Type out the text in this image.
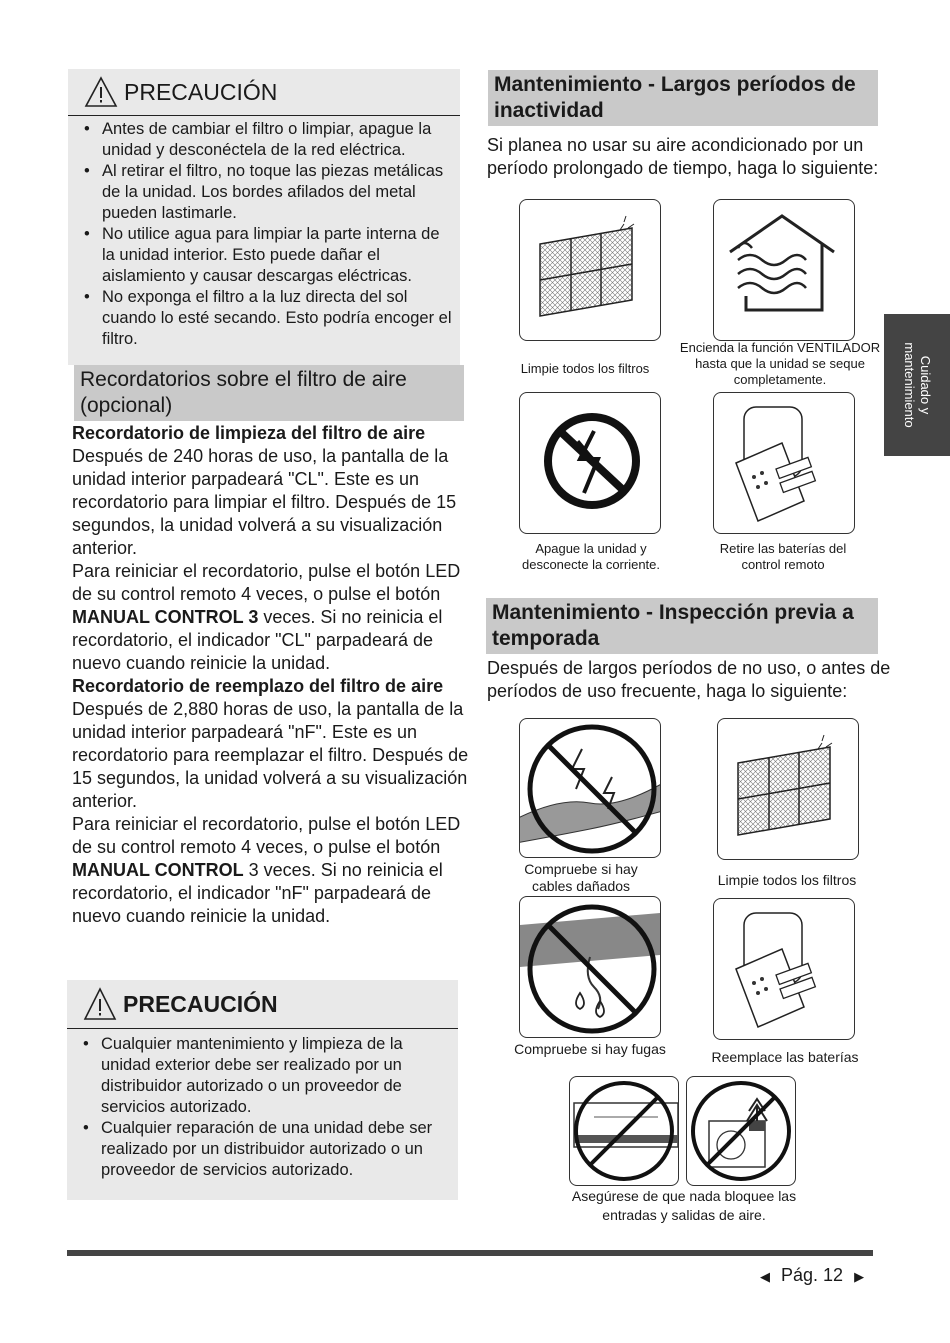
PRECAUCIÓN
• Antes de cambiar el filtro o limpiar, apague la unidad y desconéctela de la red eléctrica.
• Al retirar el filtro, no toque las piezas metálicas de la unidad. Los bordes afilados del metal pueden lastimarle.
• No utilice agua para limpiar la parte interna de la unidad interior. Esto puede dañar el aislamiento y causar descargas eléctricas.
• No exponga el filtro a la luz directa del sol cuando lo esté secando. Esto podría encoger el filtro.
Recordatorios sobre el filtro de aire (opcional)
Recordatorio de limpieza del filtro de aire
Después de 240 horas de uso, la pantalla de la unidad interior parpadeará "CL". Este es un recordatorio para limpiar el filtro. Después de 15 segundos, la unidad volverá a su visualización anterior.
Para reiniciar el recordatorio, pulse el botón LED de su control remoto 4 veces, o pulse el botón MANUAL CONTROL 3 veces. Si no reinicia el recordatorio, el indicador "CL" parpadeará de nuevo cuando reinicie la unidad.
Recordatorio de reemplazo del filtro de aire
Después de 2,880 horas de uso, la pantalla de la unidad interior parpadeará "nF". Este es un recordatorio para reemplazar el filtro. Después de 15 segundos, la unidad volverá a su visualización anterior.
Para reiniciar el recordatorio, pulse el botón LED de su control remoto 4 veces, o pulse el botón MANUAL CONTROL 3 veces. Si no reinicia el recordatorio, el indicador "nF" parpadeará de nuevo cuando reinicie la unidad.
PRECAUCIÓN
• Cualquier mantenimiento y limpieza de la unidad exterior debe ser realizado por un distribuidor autorizado o un proveedor de servicios autorizado.
• Cualquier reparación de una unidad debe ser realizado por un distribuidor autorizado o un proveedor de servicios autorizado.
Mantenimiento - Largos períodos de inactividad
Si planea no usar su aire acondicionado por un período prolongado de tiempo, haga lo siguiente:
Limpie todos los filtros
Encienda la función VENTILADOR hasta que la unidad se seque completamente.
Apague la unidad y desconecte la corriente.
Retire las baterías del control remoto
Mantenimiento - Inspección previa a temporada
Después de largos períodos de no uso, o antes de períodos de uso frecuente, haga lo siguiente:
Compruebe si hay cables dañados	Limpie todos los filtros
Compruebe si hay fugas	Reemplace las baterías
Asegúrese de que nada bloquee las entradas y salidas de aire.
Cuidado y
mantenimiento
◀ Pág. 12 ▶
